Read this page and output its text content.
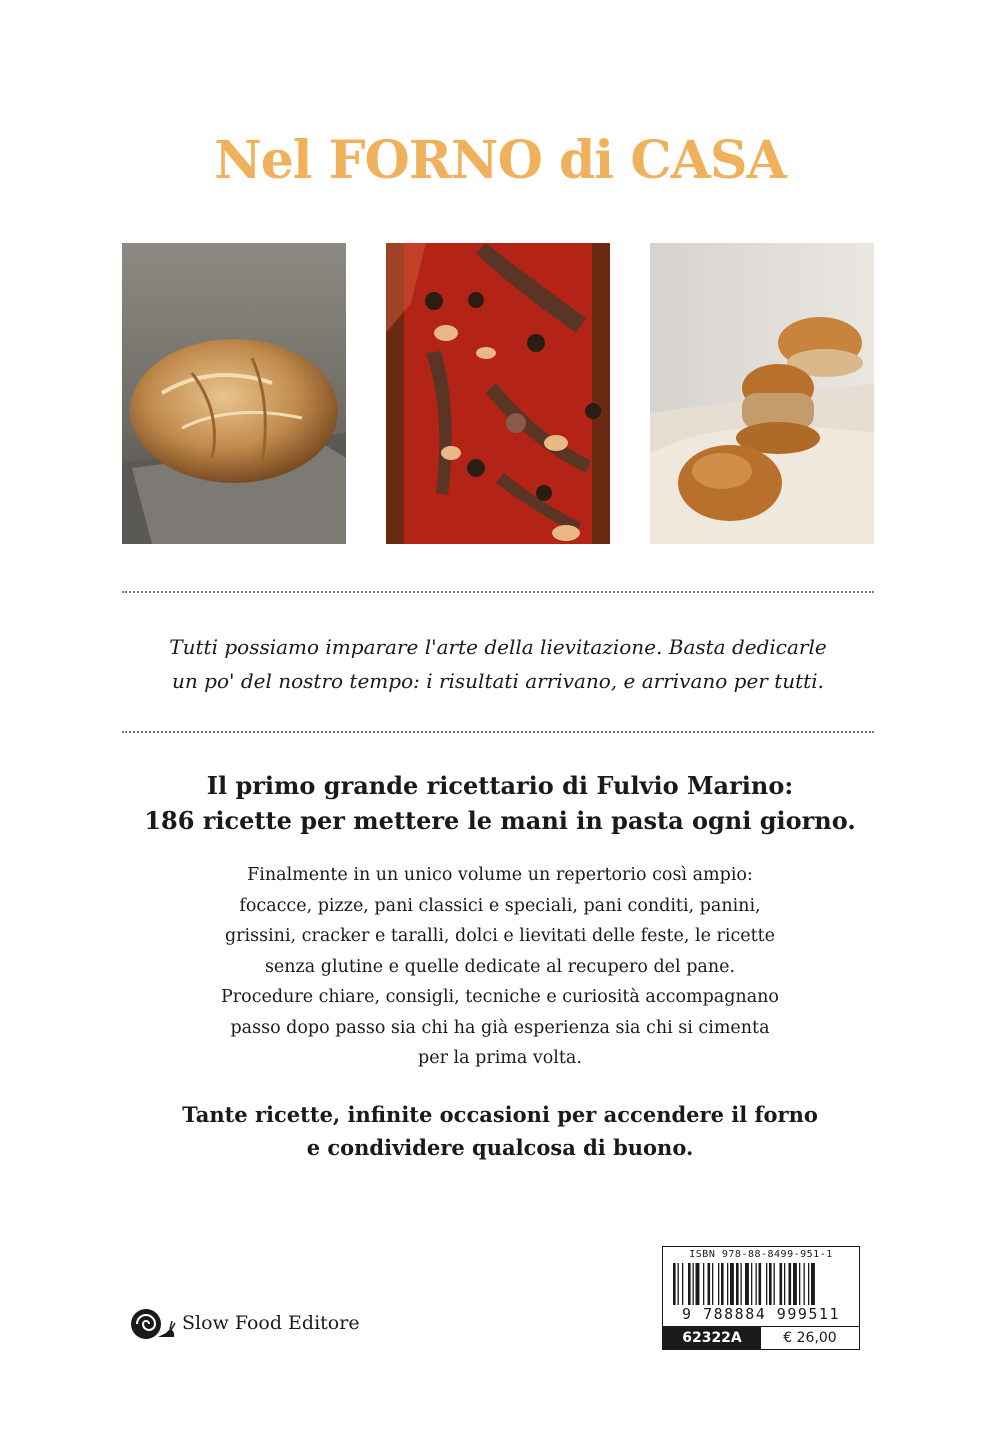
Nel FORNO di CASA

Tutti possiamo imparare l'arte della lievitazione. Basta dedicarle
un po' del nostro tempo: i risultati arrivano, e arrivano per tutti.

Il primo grande ricettario di Fulvio Marino:
186 ricette per mettere le mani in pasta ogni giorno.

Finalmente in un unico volume un repertorio così ampio:
focacce, pizze, pani classici e speciali, pani conditi, panini,
grissini, cracker e taralli, dolci e lievitati delle feste, le ricette
senza glutine e quelle dedicate al recupero del pane.
Procedure chiare, consigli, tecniche e curiosità accompagnano
passo dopo passo sia chi ha già esperienza sia chi si cimenta
per la prima volta.

Tante ricette, infinite occasioni per accendere il forno
e condividere qualcosa di buono.

Slow Food Editore
ISBN 978-88-8499-951-1
9 788884 999511
62322A	€ 26,00
